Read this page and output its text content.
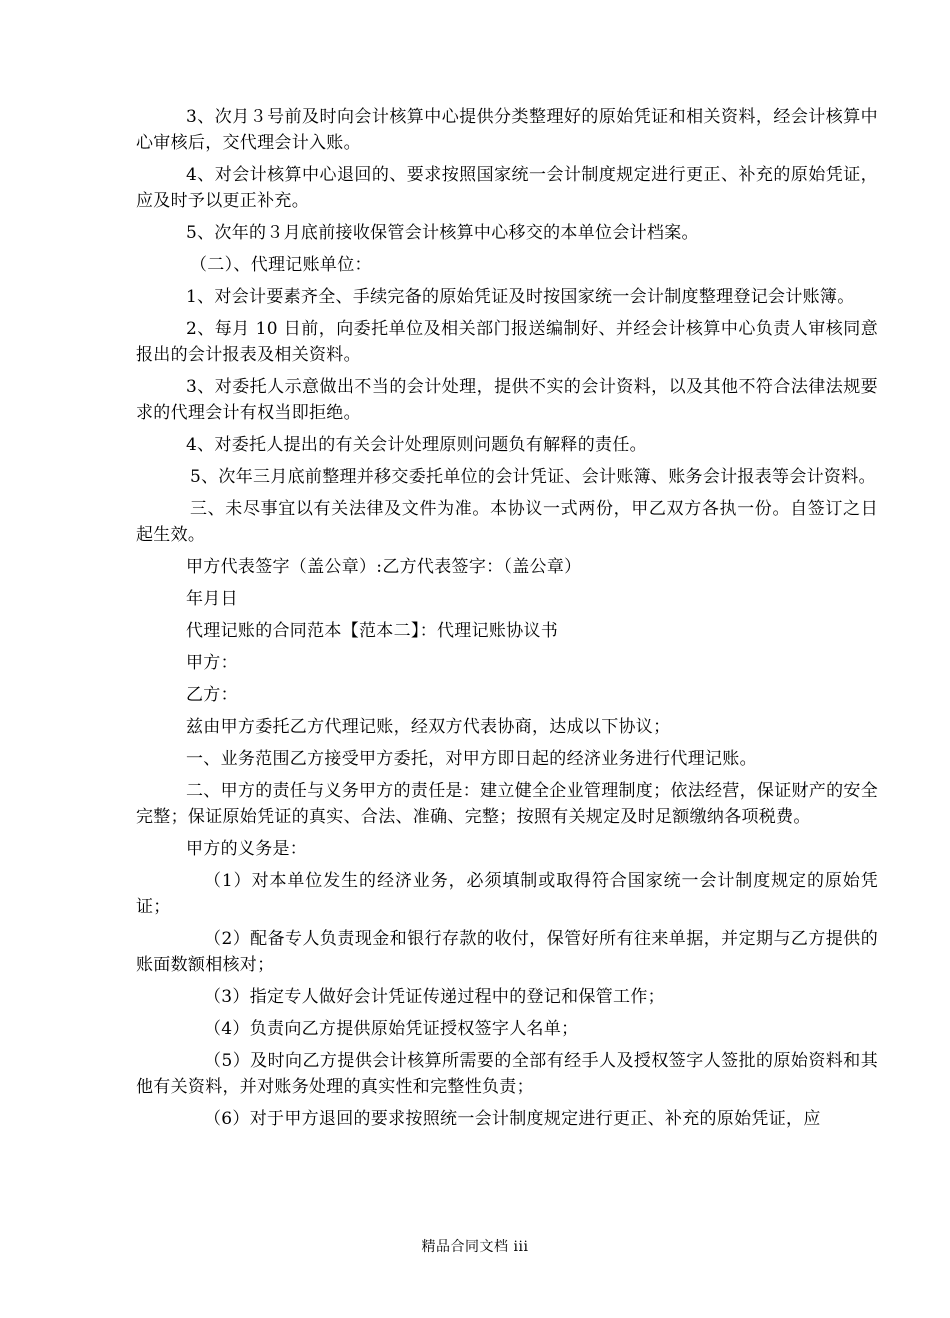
3、次月３号前及时向会计核算中心提供分类整理好的原始凭证和相关资料，经会计核算中心审核后，交代理会计入账。

4、对会计核算中心退回的、要求按照国家统一会计制度规定进行更正、补充的原始凭证，应及时予以更正补充。

5、次年的３月底前接收保管会计核算中心移交的本单位会计档案。

（二）、代理记账单位：

1、对会计要素齐全、手续完备的原始凭证及时按国家统一会计制度整理登记会计账簿。

2、每月 10 日前，向委托单位及相关部门报送编制好、并经会计核算中心负责人审核同意报出的会计报表及相关资料。

3、对委托人示意做出不当的会计处理，提供不实的会计资料，以及其他不符合法律法规要求的代理会计有权当即拒绝。

4、对委托人提出的有关会计处理原则问题负有解释的责任。

5、次年三月底前整理并移交委托单位的会计凭证、会计账簿、账务会计报表等会计资料。

三、未尽事宜以有关法律及文件为准。本协议一式两份，甲乙双方各执一份。自签订之日起生效。

甲方代表签字（盖公章）:乙方代表签字：（盖公章）

年月日

代理记账的合同范本【范本二】：代理记账协议书

甲方：

乙方：

兹由甲方委托乙方代理记账，经双方代表协商，达成以下协议；

一、业务范围乙方接受甲方委托，对甲方即日起的经济业务进行代理记账。

二、甲方的责任与义务甲方的责任是：建立健全企业管理制度；依法经营，保证财产的安全完整；保证原始凭证的真实、合法、准确、完整；按照有关规定及时足额缴纳各项税费。

甲方的义务是：

（1）对本单位发生的经济业务，必须填制或取得符合国家统一会计制度规定的原始凭证；

（2）配备专人负责现金和银行存款的收付，保管好所有往来单据，并定期与乙方提供的账面数额相核对；

（3）指定专人做好会计凭证传递过程中的登记和保管工作；

（4）负责向乙方提供原始凭证授权签字人名单；

（5）及时向乙方提供会计核算所需要的全部有经手人及授权签字人签批的原始资料和其他有关资料，并对账务处理的真实性和完整性负责；

（6）对于甲方退回的要求按照统一会计制度规定进行更正、补充的原始凭证，应

精品合同文档 iii
